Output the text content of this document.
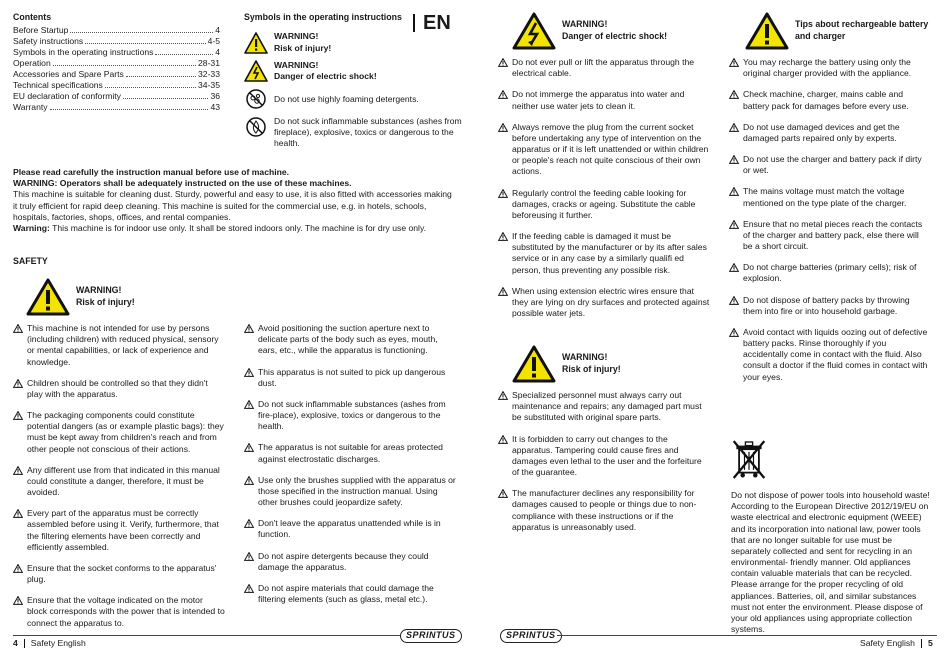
Contents
Before Startup	4
Safety instructions	4-5
Symbols in the operating instructions	4
Operation	28-31
Accessories and Spare Parts	32-33
Technical specifications	34-35
EU declaration of conformity	36
Warranty	43
Symbols in the operating instructions
WARNING!
Risk of injury!
WARNING!
Danger of electric shock!
Do not use highly foaming detergents.
Do not suck inflammable substances (ashes from
fireplace), explosive, toxics or dangerous to the health.
EN
Please read carefully the instruction manual before use of machine.
WARNING: Operators shall be adequately instructed on the use of these machines.
This machine is suitable for cleaning dust. Sturdy, powerful and easy to use, it is also fitted with accessories making it truly efficient for rapid deep cleaning. This machine is suited for the commercial use, e.g. in hotels, schools, hospitals, factories, shops, offices, and rental companies.
Warning: This machine is for indoor use only. It shall be stored indoors only. The machine is for dry use only.
SAFETY
WARNING!
Risk of injury!
This machine is not intended for use by persons (including children) with reduced physical, sensory or mental capabilities, or lack of experience and knowledge.
Children should be controlled so that they didn't play with the apparatus.
The packaging components could constitute potential dangers (as or example plastic bags): they must be kept away from children's reach and from other people not conscious of their actions.
Any different use from that indicated in this manual could constitute a danger, therefore, it must be avoided.
Every part of the apparatus must be correctly assembled before using it. Verify, furthermore, that the filtering elements have been correctly and efficiently assembled.
Ensure that the socket conforms to the apparatus' plug.
Ensure that the voltage indicated on the motor block corresponds with the power that is intended to connect the apparatus to.
Avoid positioning the suction aperture next to delicate parts of the body such as eyes, mouth, ears, etc., while the apparatus is functioning.
This apparatus is not suited to pick up dangerous dust.
Do not suck inflammable substances (ashes from fire-place), explosive, toxics or dangerous to the health.
The apparatus is not suitable for areas protected against electrostatic discharges.
Use only the brushes supplied with the apparatus or those specified in the instruction manual. Using other brushes could jeopardize safety.
Don't leave the apparatus unattended while is in function.
Do not aspire detergents because they could damage the apparatus.
Do not aspire materials that could damage the filtering elements (such as glass, metal etc.).
WARNING!
Danger of electric shock!
Do not ever pull or lift the apparatus through the electrical cable.
Do not immerge the apparatus into water and neither use water jets to clean it.
Always remove the plug from the current socket before undertaking any type of intervention on the apparatus or if it is left unattended or within children or people's reach not quite conscious of their own actions.
Regularly control the feeding cable looking for damages, cracks or ageing. Substitute the cable beforeusing it further.
If the feeding cable is damaged it must be substituted by the manufacturer or by its after sales service or in any case by a similarly qualifi ed person, thus preventing any possible risk.
When using extension electric wires ensure that they are lying on dry surfaces and protected against possible water jets.
WARNING!
Risk of injury!
Specialized personnel must always carry out maintenance and repairs; any damaged part must be substituted with original spare parts.
It is forbidden to carry out changes to the apparatus. Tampering could cause fires and damages even lethal to the user and the forfeiture of the guarantee.
The manufacturer declines any responsibility for damages caused to people or things due to non-compliance with these instructions or if the apparatus is unreasonably used.
Tips about rechargeable battery
and charger
You may recharge the battery using only the original charger provided with the appliance.
Check machine, charger, mains cable and battery pack for damages before every use.
Do not use damaged devices and get the damaged parts repaired only by experts.
Do not use the charger and battery pack if dirty or wet.
The mains voltage must match the voltage mentioned on the type plate of the charger.
Ensure that no metal pieces reach the contacts of the charger and battery pack, else there will be a short circuit.
Do not charge batteries (primary cells); risk of explosion.
Do not dispose of battery packs by throwing them into fire or into household garbage.
Avoid contact with liquids oozing out of defective battery packs. Rinse thoroughly if you accidentally come in contact with the fluid. Also consult a doctor if the fluid comes in contact with your eyes.
Do not dispose of power tools into household waste! According to the European Directive 2012/19/EU on waste electrical and electronic equipment (WEEE) and its incorporation into national law, power tools that are no longer suitable for use must be separately collected and sent for recycling in an environmental- friendly manner. Old appliances contain valuable materials that can be recycled. Please arrange for the proper recycling of old appliances. Batteries, oil, and similar substances must not enter the environment. Please dispose of your old appliances using appropriate collection systems.
SPRINTUS
4 Safety English
SPRINTUS
Safety English 5
